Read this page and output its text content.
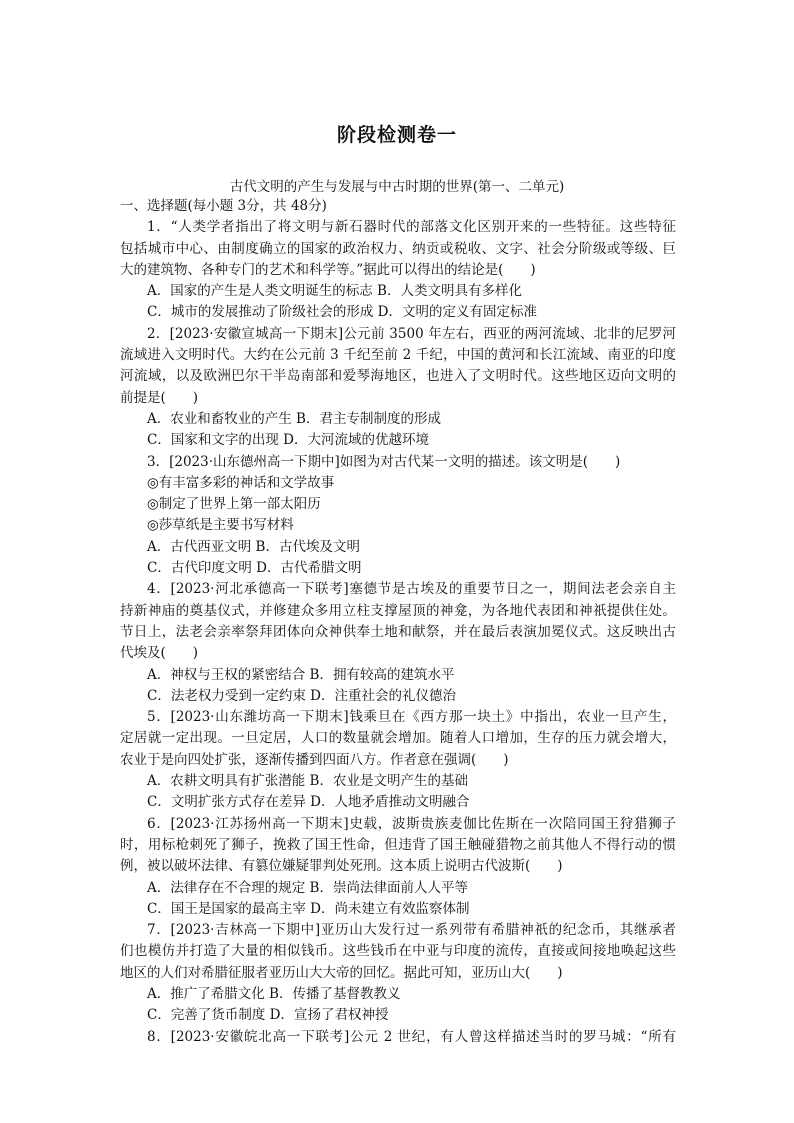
阶段检测卷一
古代文明的产生与发展与中古时期的世界(第一、二单元)
一、选择题(每小题 3分，共 48分)
1．“人类学者指出了将文明与新石器时代的部落文化区别开来的一些特征。这些特征
包括城市中心、由制度确立的国家的政治权力、纳贡或税收、文字、社会分阶级或等级、巨
大的建筑物、各种专门的艺术和科学等。”据此可以得出的结论是(　　)
A．国家的产生是人类文明诞生的标志 B．人类文明具有多样化
C．城市的发展推动了阶级社会的形成 D．文明的定义有固定标准
2．[2023·安徽宣城高一下期末]公元前 3500 年左右，西亚的两河流域、北非的尼罗河
流域进入文明时代。大约在公元前 3 千纪至前 2 千纪，中国的黄河和长江流域、南亚的印度
河流域，以及欧洲巴尔干半岛南部和爱琴海地区，也进入了文明时代。这些地区迈向文明的
前提是(　　)
A．农业和畜牧业的产生 B．君主专制制度的形成
C．国家和文字的出现 D．大河流域的优越环境
3．[2023·山东德州高一下期中]如图为对古代某一文明的描述。该文明是(　　)
◎有丰富多彩的神话和文学故事
◎制定了世界上第一部太阳历
◎莎草纸是主要书写材料
A．古代西亚文明 B．古代埃及文明
C．古代印度文明 D．古代希腊文明
4．[2023·河北承德高一下联考]塞德节是古埃及的重要节日之一，期间法老会亲自主
持新神庙的奠基仪式，并修建众多用立柱支撑屋顶的神龛，为各地代表团和神祇提供住处。
节日上，法老会亲率祭拜团体向众神供奉土地和献祭，并在最后表演加冕仪式。这反映出古
代埃及(　　)
A．神权与王权的紧密结合 B．拥有较高的建筑水平
C．法老权力受到一定约束 D．注重社会的礼仪德治
5．[2023·山东潍坊高一下期末]钱乘旦在《西方那一块土》中指出，农业一旦产生，
定居就一定出现。一旦定居，人口的数量就会增加。随着人口增加，生存的压力就会增大，
农业于是向四处扩张，逐渐传播到四面八方。作者意在强调(　　)
A．农耕文明具有扩张潜能 B．农业是文明产生的基础
C．文明扩张方式存在差异 D．人地矛盾推动文明融合
6．[2023·江苏扬州高一下期末]史载，波斯贵族麦伽比佐斯在一次陪同国王狩猎狮子
时，用标枪刺死了狮子，挽救了国王性命，但违背了国王触碰猎物之前其他人不得行动的惯
例，被以破坏法律、有篡位嫌疑罪判处死刑。这本质上说明古代波斯(　　)
A．法律存在不合理的规定 B．崇尚法律面前人人平等
C．国王是国家的最高主宰 D．尚未建立有效监察体制
7．[2023·吉林高一下期中]亚历山大发行过一系列带有希腊神祇的纪念币，其继承者
们也模仿并打造了大量的相似钱币。这些钱币在中亚与印度的流传，直接或间接地唤起这些
地区的人们对希腊征服者亚历山大大帝的回忆。据此可知，亚历山大(　　)
A．推广了希腊文化 B．传播了基督教教义
C．完善了货币制度 D．宣扬了君权神授
8．[2023·安徽皖北高一下联考]公元 2 世纪，有人曾这样描述当时的罗马城：“所有
